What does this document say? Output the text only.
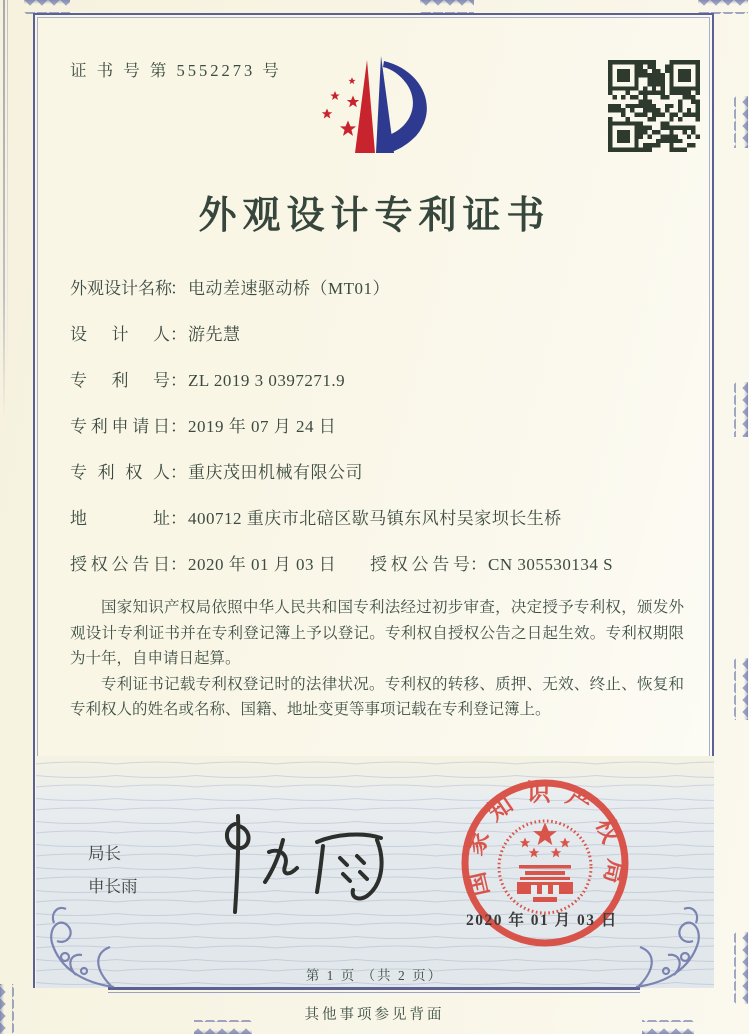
证 书 号 第 5552273 号
外观设计专利证书
外观设计名称：电动差速驱动桥（MT01）
设计人：游先慧
专利号：ZL 2019 3 0397271.9
专利申请日：2019 年 07 月 24 日
专利权人：重庆茂田机械有限公司
地址：400712 重庆市北碚区歇马镇东风村吴家坝长生桥
授权公告日：2020 年 01 月 03 日 授权公告号：CN 305530134 S

国家知识产权局依照中华人民共和国专利法经过初步审查，决定授予专利权，颁发外观设计专利证书并在专利登记簿上予以登记。专利权自授权公告之日起生效。专利权期限为十年，自申请日起算。

专利证书记载专利权登记时的法律状况。专利权的转移、质押、无效、终止、恢复和专利权人的姓名或名称、国籍、地址变更等事项记载在专利登记簿上。

局长
申长雨	国家知识产权局
2020 年 01 月 03 日
第 1 页 （共 2 页）
其他事项参见背面
